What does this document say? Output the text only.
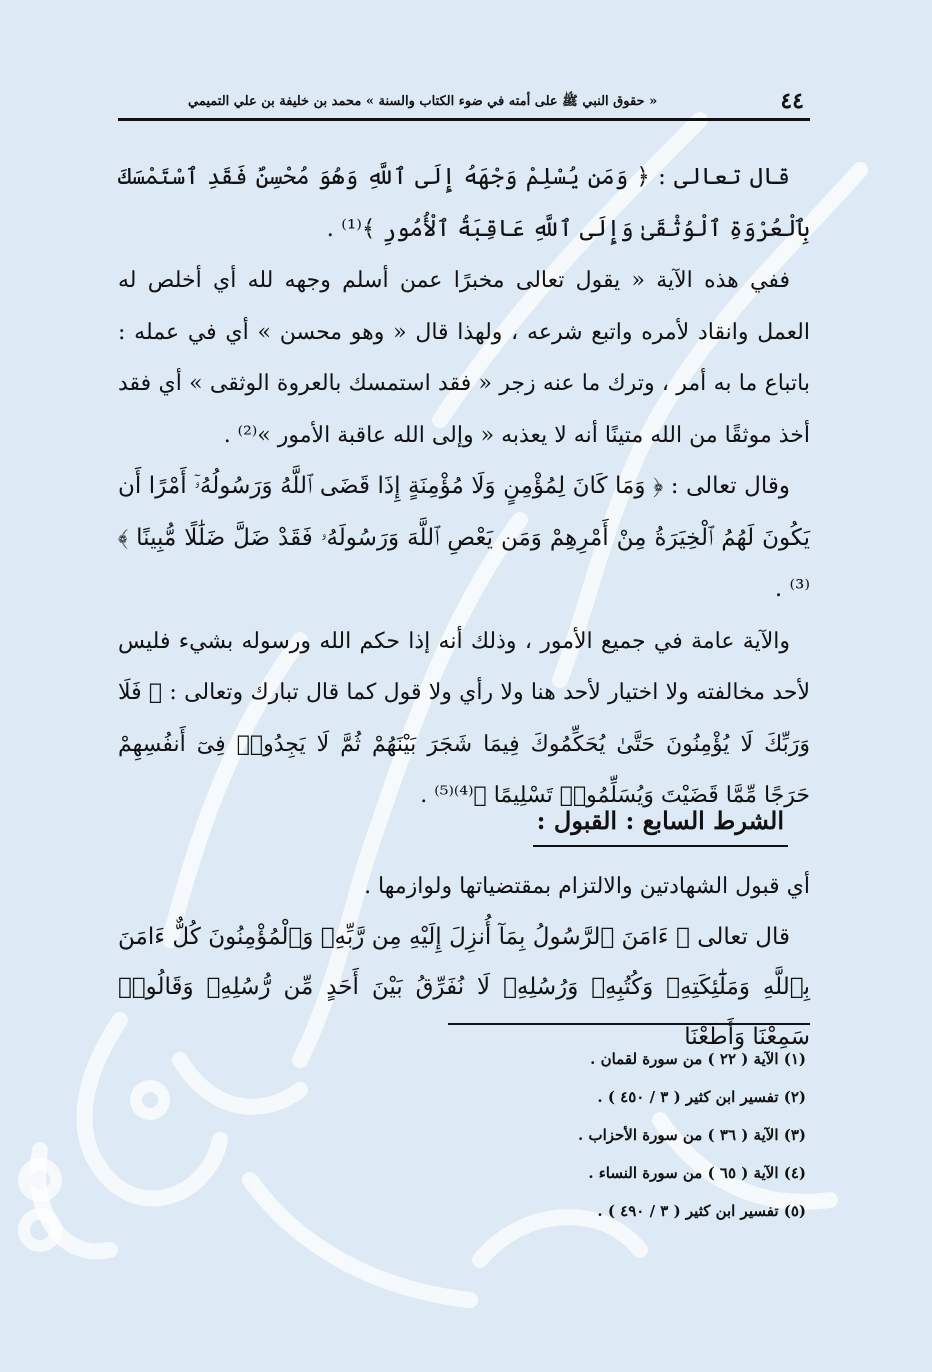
٤٤
« حقوق النبي ﷺ على أمته في ضوء الكتاب والسنة » محمد بن خليفة بن علي التميمي

قال تعالى : ﴿ وَمَن يُسْلِمْ وَجْهَهُ إِلَى ٱللَّهِ وَهُوَ مُحْسِنٌ فَقَدِ ٱسْتَمْسَكَ بِٱلْعُرْوَةِ ٱلْوُثْقَىٰ وَإِلَى ٱللَّهِ عَاقِبَةُ ٱلْأُمُورِ ﴾⁽¹⁾ .

ففي هذه الآية « يقول تعالى مخبرًا عمن أسلم وجهه لله أي أخلص له العمل وانقاد لأمره واتبع شرعه ، ولهذا قال « وهو محسن » أي في عمله : باتباع ما به أمر ، وترك ما عنه زجر « فقد استمسك بالعروة الوثقى » أي فقد أخذ موثقًا من الله متينًا أنه لا يعذبه « وإلى الله عاقبة الأمور »⁽²⁾ .

وقال تعالى : ﴿ وَمَا كَانَ لِمُؤْمِنٍ وَلَا مُؤْمِنَةٍ إِذَا قَضَى ٱللَّهُ وَرَسُولُهُۥٓ أَمْرًا أَن يَكُونَ لَهُمُ ٱلْخِيَرَةُ مِنْ أَمْرِهِمْ وَمَن يَعْصِ ٱللَّهَ وَرَسُولَهُۥ فَقَدْ ضَلَّ ضَلَٰلًا مُّبِينًا ﴾⁽³⁾ .

والآية عامة في جميع الأمور ، وذلك أنه إذا حكم الله ورسوله بشيء فليس لأحد مخالفته ولا اختيار لأحد هنا ولا رأي ولا قول كما قال تبارك وتعالى : ﴿ فَلَا وَرَبِّكَ لَا يُؤْمِنُونَ حَتَّىٰ يُحَكِّمُوكَ فِيمَا شَجَرَ بَيْنَهُمْ ثُمَّ لَا يَجِدُوا۟ فِىٓ أَنفُسِهِمْ حَرَجًا مِّمَّا قَضَيْتَ وَيُسَلِّمُوا۟ تَسْلِيمًا ﴾⁽⁴⁾⁽⁵⁾ .

الشرط السابع : القبول :

أي قبول الشهادتين والالتزام بمقتضياتها ولوازمها .

قال تعالى ﴿ ءَامَنَ ٱلرَّسُولُ بِمَآ أُنزِلَ إِلَيْهِ مِن رَّبِّهِۦ وَٱلْمُؤْمِنُونَ كُلٌّ ءَامَنَ بِٱللَّهِ وَمَلَٰٓئِكَتِهِۦ وَكُتُبِهِۦ وَرُسُلِهِۦ لَا نُفَرِّقُ بَيْنَ أَحَدٍ مِّن رُّسُلِهِۦ وَقَالُوا۟ سَمِعْنَا وَأَطَعْنَا

(١) الآية ( ٢٢ ) من سورة لقمان .
(٢) تفسير ابن كثير ( ٣ / ٤٥٠ ) .
(٣) الآية ( ٣٦ ) من سورة الأحزاب .
(٤) الآية ( ٦٥ ) من سورة النساء .
(٥) تفسير ابن كثير ( ٣ / ٤٩٠ ) .
